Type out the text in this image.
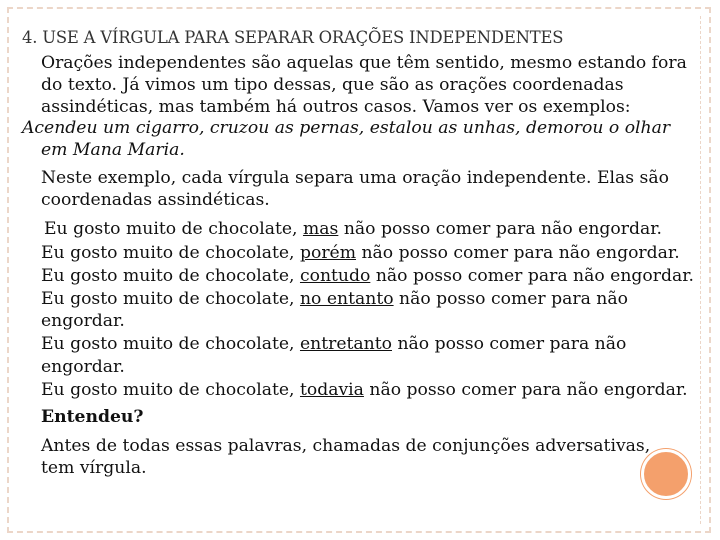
4. USE A VÍRGULA PARA SEPARAR ORAÇÕES INDEPENDENTES
Orações independentes são aquelas que têm sentido, mesmo estando fora
do texto. Já vimos um tipo dessas, que são as orações coordenadas
assindéticas, mas também há outros casos. Vamos ver os exemplos:
Acendeu um cigarro, cruzou as pernas, estalou as unhas, demorou o olhar
em Mana Maria.
Neste exemplo, cada vírgula separa uma oração independente. Elas são
coordenadas assindéticas.
Eu gosto muito de chocolate, mas não posso comer para não engordar.
Eu gosto muito de chocolate, porém não posso comer para não engordar.
Eu gosto muito de chocolate, contudo não posso comer para não engordar.
Eu gosto muito de chocolate, no entanto não posso comer para não
engordar.
Eu gosto muito de chocolate, entretanto não posso comer para não
engordar.
Eu gosto muito de chocolate, todavia não posso comer para não engordar.
Entendeu?
Antes de todas essas palavras, chamadas de conjunções adversativas,
tem vírgula.
